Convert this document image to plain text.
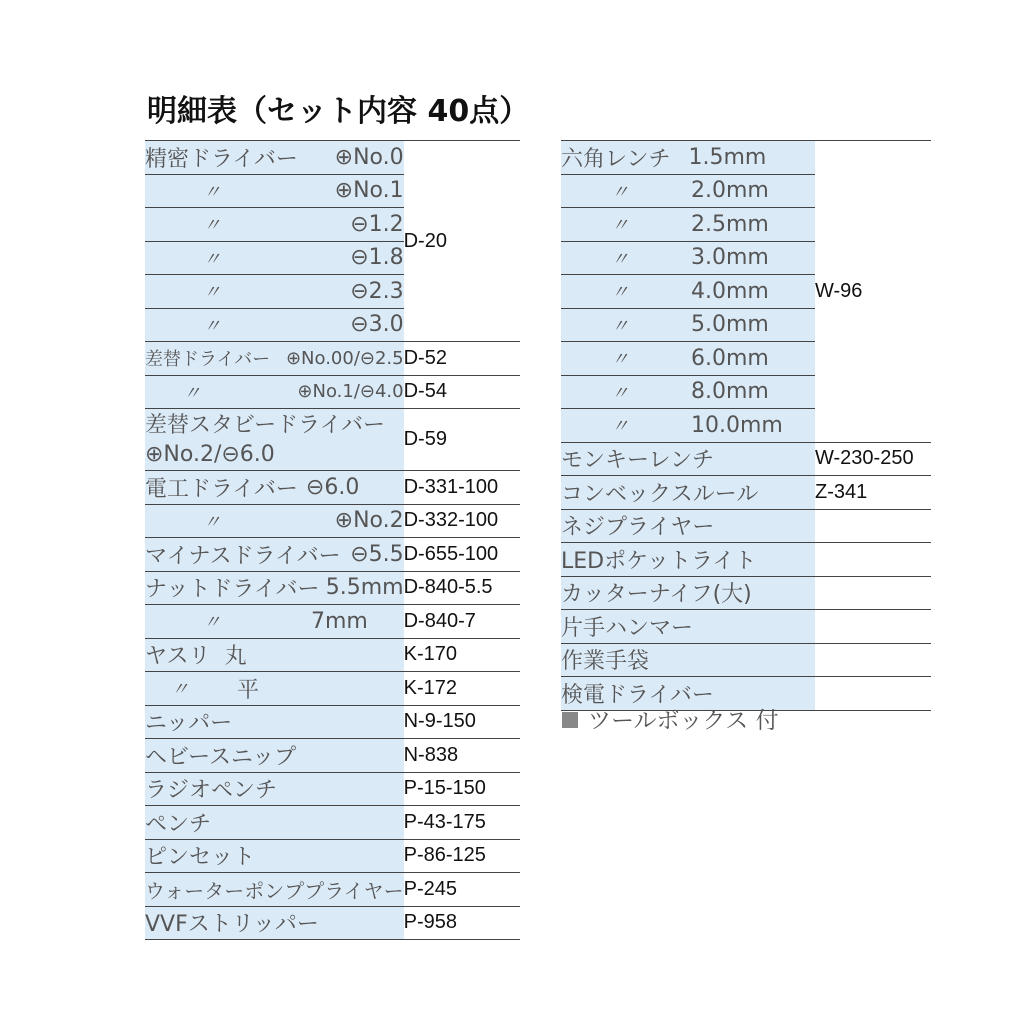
明細表（セット内容 40点）
精密ドライバー ⊕No.0	D-20

〃 ⊕No.1	

〃 ⊖1.2	

〃 ⊖1.8	

〃 ⊖2.3	

〃 ⊖3.0	

差替ドライバー ⊕No.00/⊖2.5	D-52

〃 ⊕No.1/⊖4.0	D-54

差替スタビードライバー
⊕No.2/⊖6.0	D-59

電工ドライバー ⊖6.0	D-331-100

〃 ⊕No.2	D-332-100

マイナスドライバー ⊖5.5	D-655-100

ナットドライバー 5.5mm	D-840-5.5

〃 7mm	D-840-7

ヤスリ 丸	K-170

〃 平	K-172
ニッパー	N-9-150
ヘビースニップ	N-838
ラジオペンチ	P-15-150
ペンチ	P-43-175
ピンセット	P-86-125
ウォーターポンププライヤー	P-245
VVFストリッパー	P-958
六角レンチ 1.5mm	W-96

〃 2.0mm	

〃 2.5mm	

〃 3.0mm	

〃 4.0mm	

〃 5.0mm	

〃 6.0mm	

〃 8.0mm	

〃 10.0mm	

モンキーレンチ	W-230-250
コンベックスルール	Z-341
ネジプライヤー	
LEDポケットライト	
カッターナイフ(大)	
片手ハンマー	
作業手袋	
検電ドライバー	
ツールボックス 付
